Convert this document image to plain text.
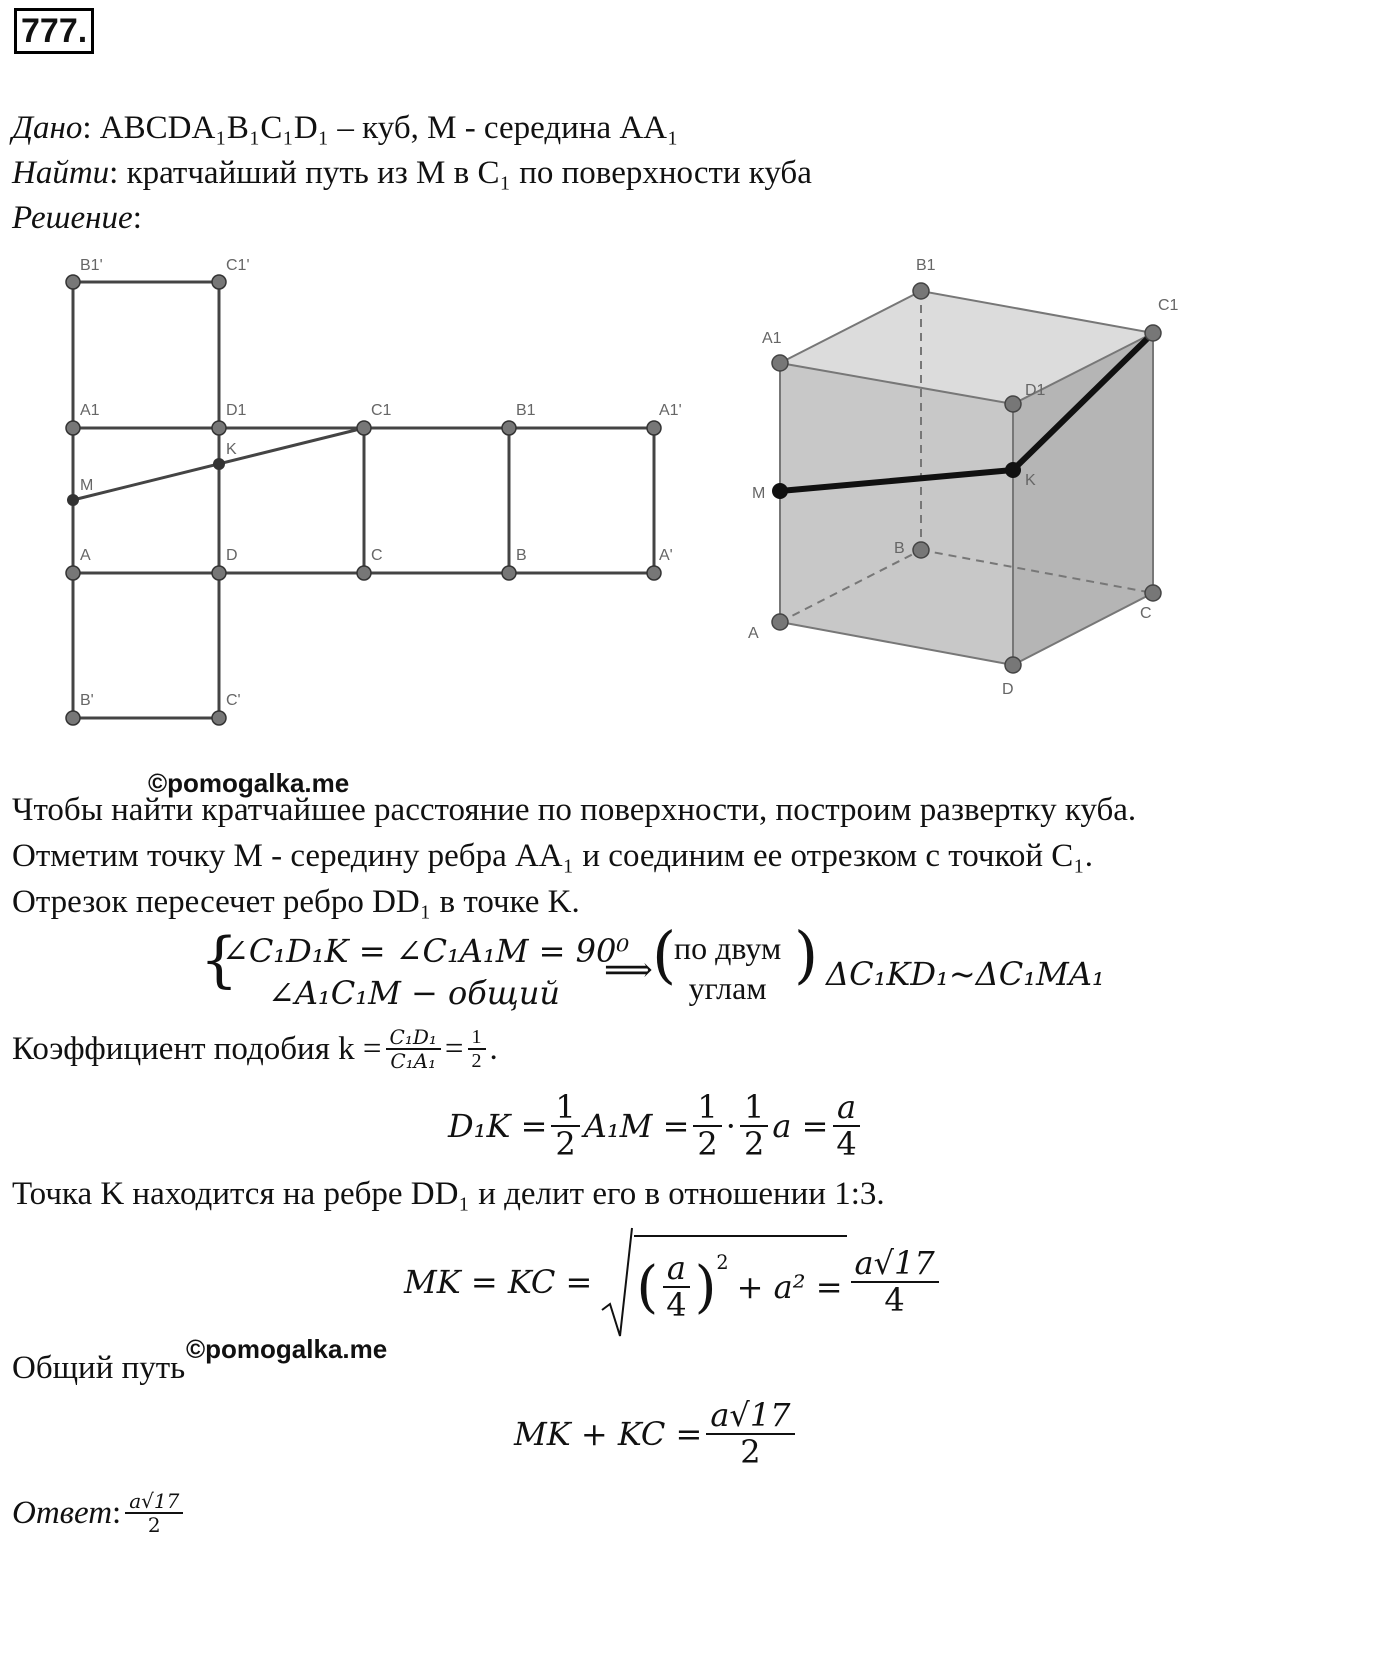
777.
Дано: ABCDA₁B₁C₁D₁ – куб, M - середина AA₁
Найти: кратчайший путь из M в C₁ по поверхности куба
Решение:
B1'	C1'
A1	D1	C1	B1	A1'
K
M
A	D	C	B	A'
B'	C'
B1
C1
A1
D1
M
K
B
A
C
D
©pomogalka.me
Чтобы найти кратчайшее расстояние по поверхности, построим развертку куба.
Отметим точку M - середину ребра AA₁ и соединим ее отрезком с точкой C₁.
Отрезок пересечет ребро DD₁ в точке K.
{
∠C₁D₁K = ∠C₁A₁M = 90⁰
∠A₁C₁M − общий
⟹ (
по двум
углам ) ΔC₁KD₁~ΔC₁MA₁
Коэффициент подобия $k = \frac{\text{C₁D₁}}{\text{C₁A₁}} = \frac{1}{2}$ .
$D_1K = \frac{1}{2} A_1M = \frac{1}{2} \cdot \frac{1}{2}$ $a = \frac{a}{4}$
Точка K находится на ребре DD₁ и делит его в отношении 1:3.
MK = KC = ( $\frac{a}{4} )^2$
+ $a^2 = \frac{a√17}{4}$
©pomogalka.me
Общий путь
MK + KC = $\frac{a√17}{2}$
Ответ : $\frac{a√17}{2}$
